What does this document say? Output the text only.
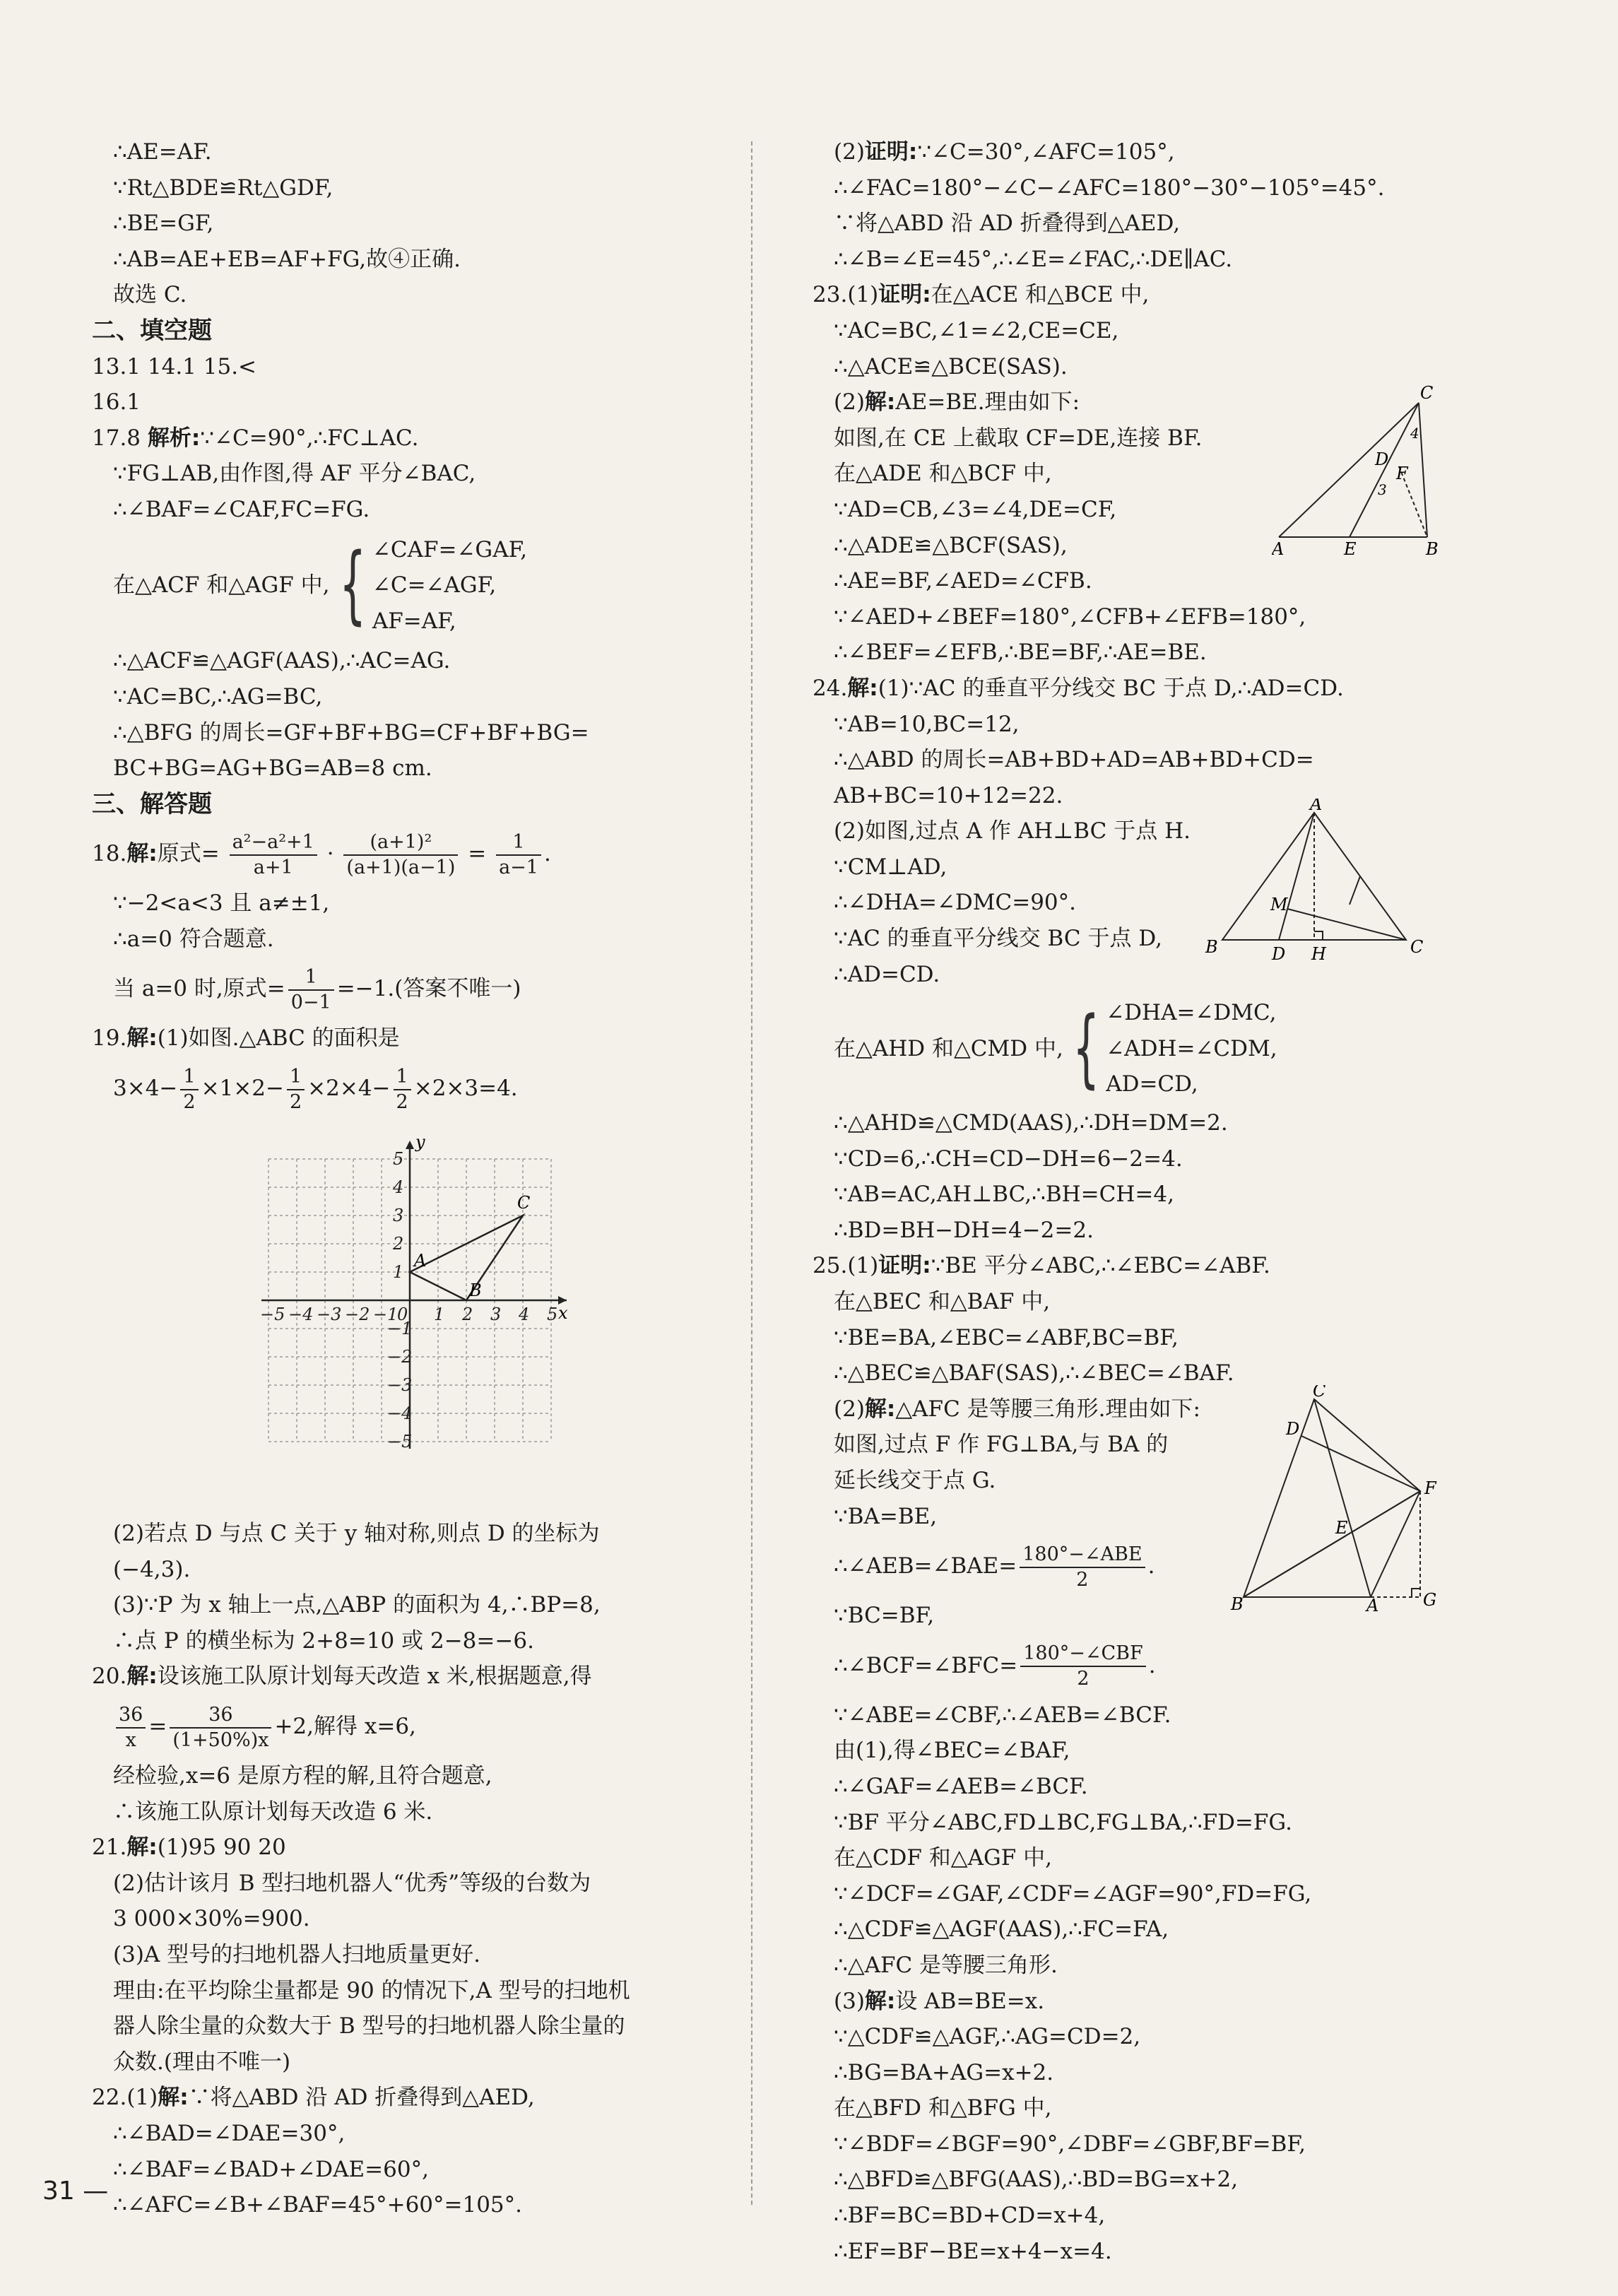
∴AE=AF.
∵Rt△BDE≌Rt△GDF,
∴BE=GF,
∴AB=AE+EB=AF+FG,故④正确.
故选 C.
二、填空题
13.1 14.1 15.<
16.1
17.8 解析:∵∠C=90°,∴FC⊥AC.
∵FG⊥AB,由作图,得 AF 平分∠BAC,
∴∠BAF=∠CAF,FC=FG.
在△ACF 和△AGF 中, { ∠CAF=∠GAF,
∠C=∠AGF,
AF=AF,
∴△ACF≌△AGF(AAS),∴AC=AG.
∵AC=BC,∴AG=BC,
∴△BFG 的周长=GF+BF+BG=CF+BF+BG=
BC+BG=AG+BG=AB=8 cm.
三、解答题
18.解:原式= $\frac{\text{a²−a²+1}}{a+1} \cdot \frac{\text{(a+1)²}}{(a+1)(a-1)} = \frac{1}{a-1}$ .
∵−2<a<3 且 a≠±1,
∴a=0 符合题意.
当 a=0 时,原式= $\frac{1}{0-1} =-1$.(答案不唯一)
19.解:(1)如图.△ABC 的面积是
$3\times 4- \frac{1}{2} \times 1\times 2- \frac{1}{2} \times 2\times 4- \frac{1}{2} \times 2\times 3=4$.
(2)若点 D 与点 C 关于 y 轴对称,则点 D 的坐标为
(−4,3).
(3)∵P 为 x 轴上一点,△ABP 的面积为 4,∴BP=8,
∴点 P 的横坐标为 2+8=10 或 2−8=−6.
20.解:设该施工队原计划每天改造 x 米,根据题意,得
$\frac{36}{x} = \frac{36}{(1+50\%)x} +2$,解得 x=6,
经检验,x=6 是原方程的解,且符合题意,
∴该施工队原计划每天改造 6 米.
21.解:(1)95 90 20
(2)估计该月 B 型扫地机器人“优秀”等级的台数为
3 000×30%=900.
(3)A 型号的扫地机器人扫地质量更好.
理由:在平均除尘量都是 90 的情况下,A 型号的扫地机
器人除尘量的众数大于 B 型号的扫地机器人除尘量的
众数.(理由不唯一)
22.(1)解:∵将△ABD 沿 AD 折叠得到△AED,
∴∠BAD=∠DAE=30°,
∴∠BAF=∠BAD+∠DAE=60°,
∴∠AFC=∠B+∠BAF=45°+60°=105°.
−5 −4 −3 −2 −1
0 1 2 3 4 5
5
4
3
2
1
−1
−2
−3
−4
−5
x
y
A
B
C
(2)证明:∵∠C=30°,∠AFC=105°,
∴∠FAC=180°−∠C−∠AFC=180°−30°−105°=45°.
∵将△ABD 沿 AD 折叠得到△AED,
∴∠B=∠E=45°,∴∠E=∠FAC,∴DE∥AC.
23.(1)证明:在△ACE 和△BCE 中,
∵AC=BC,∠1=∠2,CE=CE,
∴△ACE≌△BCE(SAS).
(2)解:AE=BE.理由如下:
如图,在 CE 上截取 CF=DE,连接 BF.
在△ADE 和△BCF 中,
∵AD=CB,∠3=∠4,DE=CF,
∴△ADE≌△BCF(SAS),
∴AE=BF,∠AED=∠CFB.
∵∠AED+∠BEF=180°,∠CFB+∠EFB=180°,
∴∠BEF=∠EFB,∴BE=BF,∴AE=BE.
24.解:(1)∵AC 的垂直平分线交 BC 于点 D,∴AD=CD.
∵AB=10,BC=12,
∴△ABD 的周长=AB+BD+AD=AB+BD+CD=
AB+BC=10+12=22.
(2)如图,过点 A 作 AH⊥BC 于点 H.
∵CM⊥AD,
∴∠DHA=∠DMC=90°.
∵AC 的垂直平分线交 BC 于点 D,
∴AD=CD.
在△AHD 和△CMD 中, { ∠DHA=∠DMC,
∠ADH=∠CDM,
AD=CD,
∴△AHD≌△CMD(AAS),∴DH=DM=2.
∵CD=6,∴CH=CD−DH=6−2=4.
∵AB=AC,AH⊥BC,∴BH=CH=4,
∴BD=BH−DH=4−2=2.
25.(1)证明:∵BE 平分∠ABC,∴∠EBC=∠ABF.
在△BEC 和△BAF 中,
∵BE=BA,∠EBC=∠ABF,BC=BF,
∴△BEC≌△BAF(SAS),∴∠BEC=∠BAF.
(2)解:△AFC 是等腰三角形.理由如下:
如图,过点 F 作 FG⊥BA,与 BA 的
延长线交于点 G.
∵BA=BE,
∴∠AEB=∠BAE= $\frac{\text{180°−∠ABE}}{2}$ .
∵BC=BF,
∴∠BCF=∠BFC= $\frac{\text{180°−∠CBF}}{2}$ .
∵∠ABE=∠CBF,∴∠AEB=∠BCF.
由(1),得∠BEC=∠BAF,
∴∠GAF=∠AEB=∠BCF.
∵BF 平分∠ABC,FD⊥BC,FG⊥BA,∴FD=FG.
在△CDF 和△AGF 中,
∵∠DCF=∠GAF,∠CDF=∠AGF=90°,FD=FG,
∴△CDF≌△AGF(AAS),∴FC=FA,
∴△AFC 是等腰三角形.
(3)解:设 AB=BE=x.
∵△CDF≌△AGF,∴AG=CD=2,
∴BG=BA+AG=x+2.
在△BFD 和△BFG 中,
∵∠BDF=∠BGF=90°,∠DBF=∠GBF,BF=BF,
∴△BFD≌△BFG(AAS),∴BD=BG=x+2,
∴BF=BC=BD+CD=x+4,
∴EF=BF−BE=x+4−x=4.
A	E	B
C
D
F
3
4
B	C
A
D H
M
B	A	G
C
D
F
E
31 —
